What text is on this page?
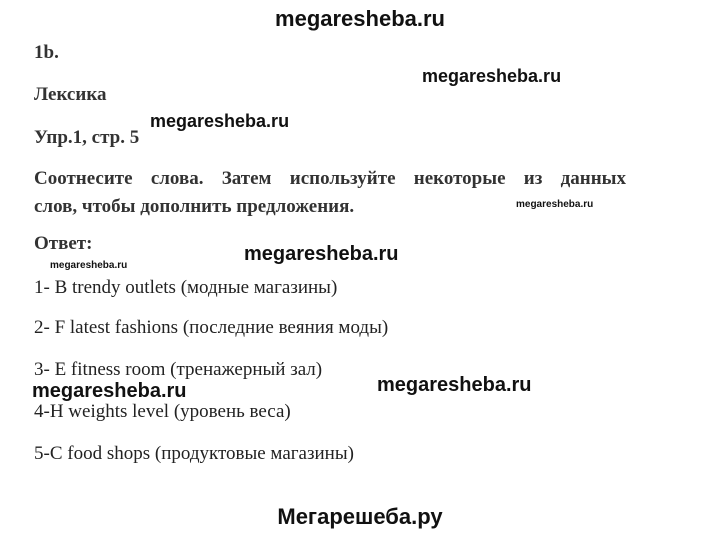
megaresheba.ru
1b.
Лексика
Упр.1, стр. 5
Соотнесите слова. Затем используйте некоторые из данных
слов, чтобы дополнить предложения.
Ответ:
1- B trendy outlets (модные магазины)
2- F latest fashions (последние веяния моды)
3- E fitness room (тренажерный зал)
4-H weights level (уровень веса)
5-C food shops (продуктовые магазины)
megaresheba.ru
megaresheba.ru
megaresheba.ru
megaresheba.ru
megaresheba.ru
megaresheba.ru	megaresheba.ru
Мегарешеба.ру
